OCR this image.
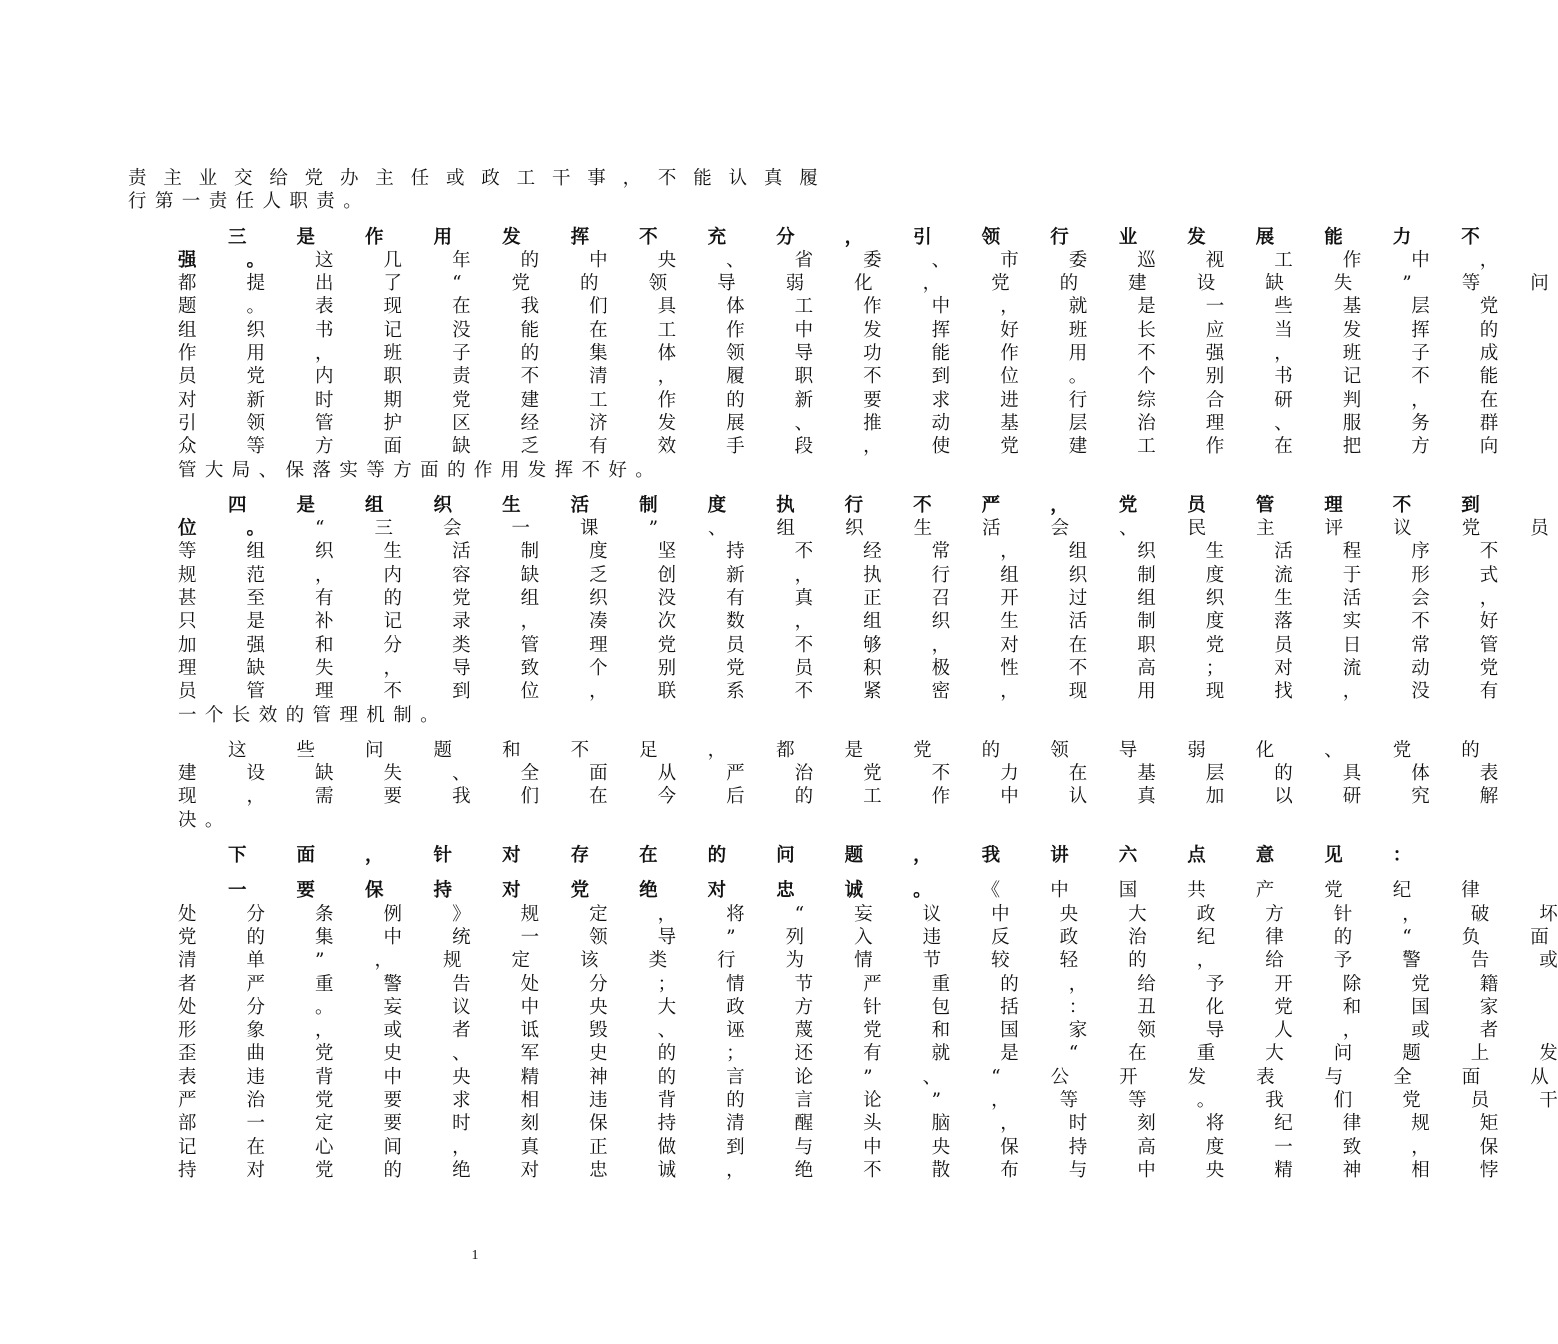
责 主 业 交 给 党 办 主 任 或 政 工 干 事 ， 不 能 认 真 履
行第一责任人职责。
三	是	作	用	发	挥	不	充	分	，	引	领	行	业	发	展	能	力	不
强	。	这	几	年	的	中	央	、	省	委	、	市	委	巡	视	工	作	中	，
都	提	出	了	“	党	的	领	导	弱	化	，	党	的	建	设	缺	失	”	等	问
题	。	表	现	在	我	们	具	体	工	作	中	，	就	是	一	些	基	层	党
组	织	书	记	没	能	在	工	作	中	发	挥	好	班	长	应	当	发	挥	的
作	用	，	班	子	的	集	体	领	导	功	能	作	用	不	强	，	班	子	成
员	党	内	职	责	不	清	，	履	职	不	到	位	。	个	别	书	记	不	能
对	新	时	期	党	建	工	作	的	新	要	求	进	行	综	合	研	判	，	在
引	领	管	护	区	经	济	发	展	、	推	动	基	层	治	理	、	服	务	群
众	等	方	面	缺	乏	有	效	手	段	，	使	党	建	工	作	在	把	方	向
管大局、保落实等方面的作用发挥不好。
四	是	组	织	生	活	制	度	执	行	不	严	，	党	员	管	理	不	到
位	。	“	三	会	一	课	”	、	组	织	生	活	会	、	民	主	评	议	党	员
等	组	织	生	活	制	度	坚	持	不	经	常	，	组	织	生	活	程	序	不
规	范	，	内	容	缺	乏	创	新	，	执	行	组	织	制	度	流	于	形	式
甚	至	有	的	党	组	织	没	有	真	正	召	开	过	组	织	生	活	会	，
只	是	补	记	录	，	凑	次	数	，	组	织	生	活	制	度	落	实	不	好
加	强	和	分	类	管	理	党	员	不	够	，	对	在	职	党	员	日	常	管
理	缺	失	，	导	致	个	别	党	员	积	极	性	不	高	；	对	流	动	党
员	管	理	不	到	位	，	联	系	不	紧	密	，	现	用	现	找	，	没	有
一个长效的管理机制。
这	些	问	题	和	不	足	，	都	是	党	的	领	导	弱	化	、	党	的
建	设	缺	失	、	全	面	从	严	治	党	不	力	在	基	层	的	具	体	表
现	，	需	要	我	们	在	今	后	的	工	作	中	认	真	加	以	研	究	解
决。
下	面	，	针	对	存	在	的	问	题	，	我	讲	六	点	意	见	：
一	要	保	持	对	党	绝	对	忠	诚	。	《	中	国	共	产	党	纪	律
处	分	条	例	》	规	定	，	将	“	妄	议	中	央	大	政	方	针	，	破	坏
党	的	集	中	统	一	领	导	”	列	入	违	反	政	治	纪	律	的	“	负	面
清	单	”	，	规	定	该	类	行	为	情	节	较	轻	的	，	给	予	警	告	或
者	严	重	警	告	处	分	；	情	节	严	重	的	，	给	予	开	除	党	籍
处	分	。	妄	议	中	央	大	政	方	针	包	括	：	丑	化	党	和	国	家
形	象	，	或	者	诋	毁	、	诬	蔑	党	和	国	家	领	导	人	，	或	者
歪	曲	党	史	、	军	史	的	；	还	有	就	是	“	在	重	大	问	题	上	发
表	违	背	中	央	精	神	的	言	论	”	、	“	公	开	发	表	与	全	面	从
严	治	党	要	求	相	违	背	的	言	论	”	，	等	等	。	我	们	党	员	干
部	一	定	要	时	刻	保	持	清	醒	头	脑	，	时	刻	将	纪	律	规	矩
记	在	心	间	，	真	正	做	到	与	中	央	保	持	高	度	一	致	，	保
持	对	党	的	绝	对	忠	诚	，	绝	不	散	布	与	中	央	精	神	相	悖
1
